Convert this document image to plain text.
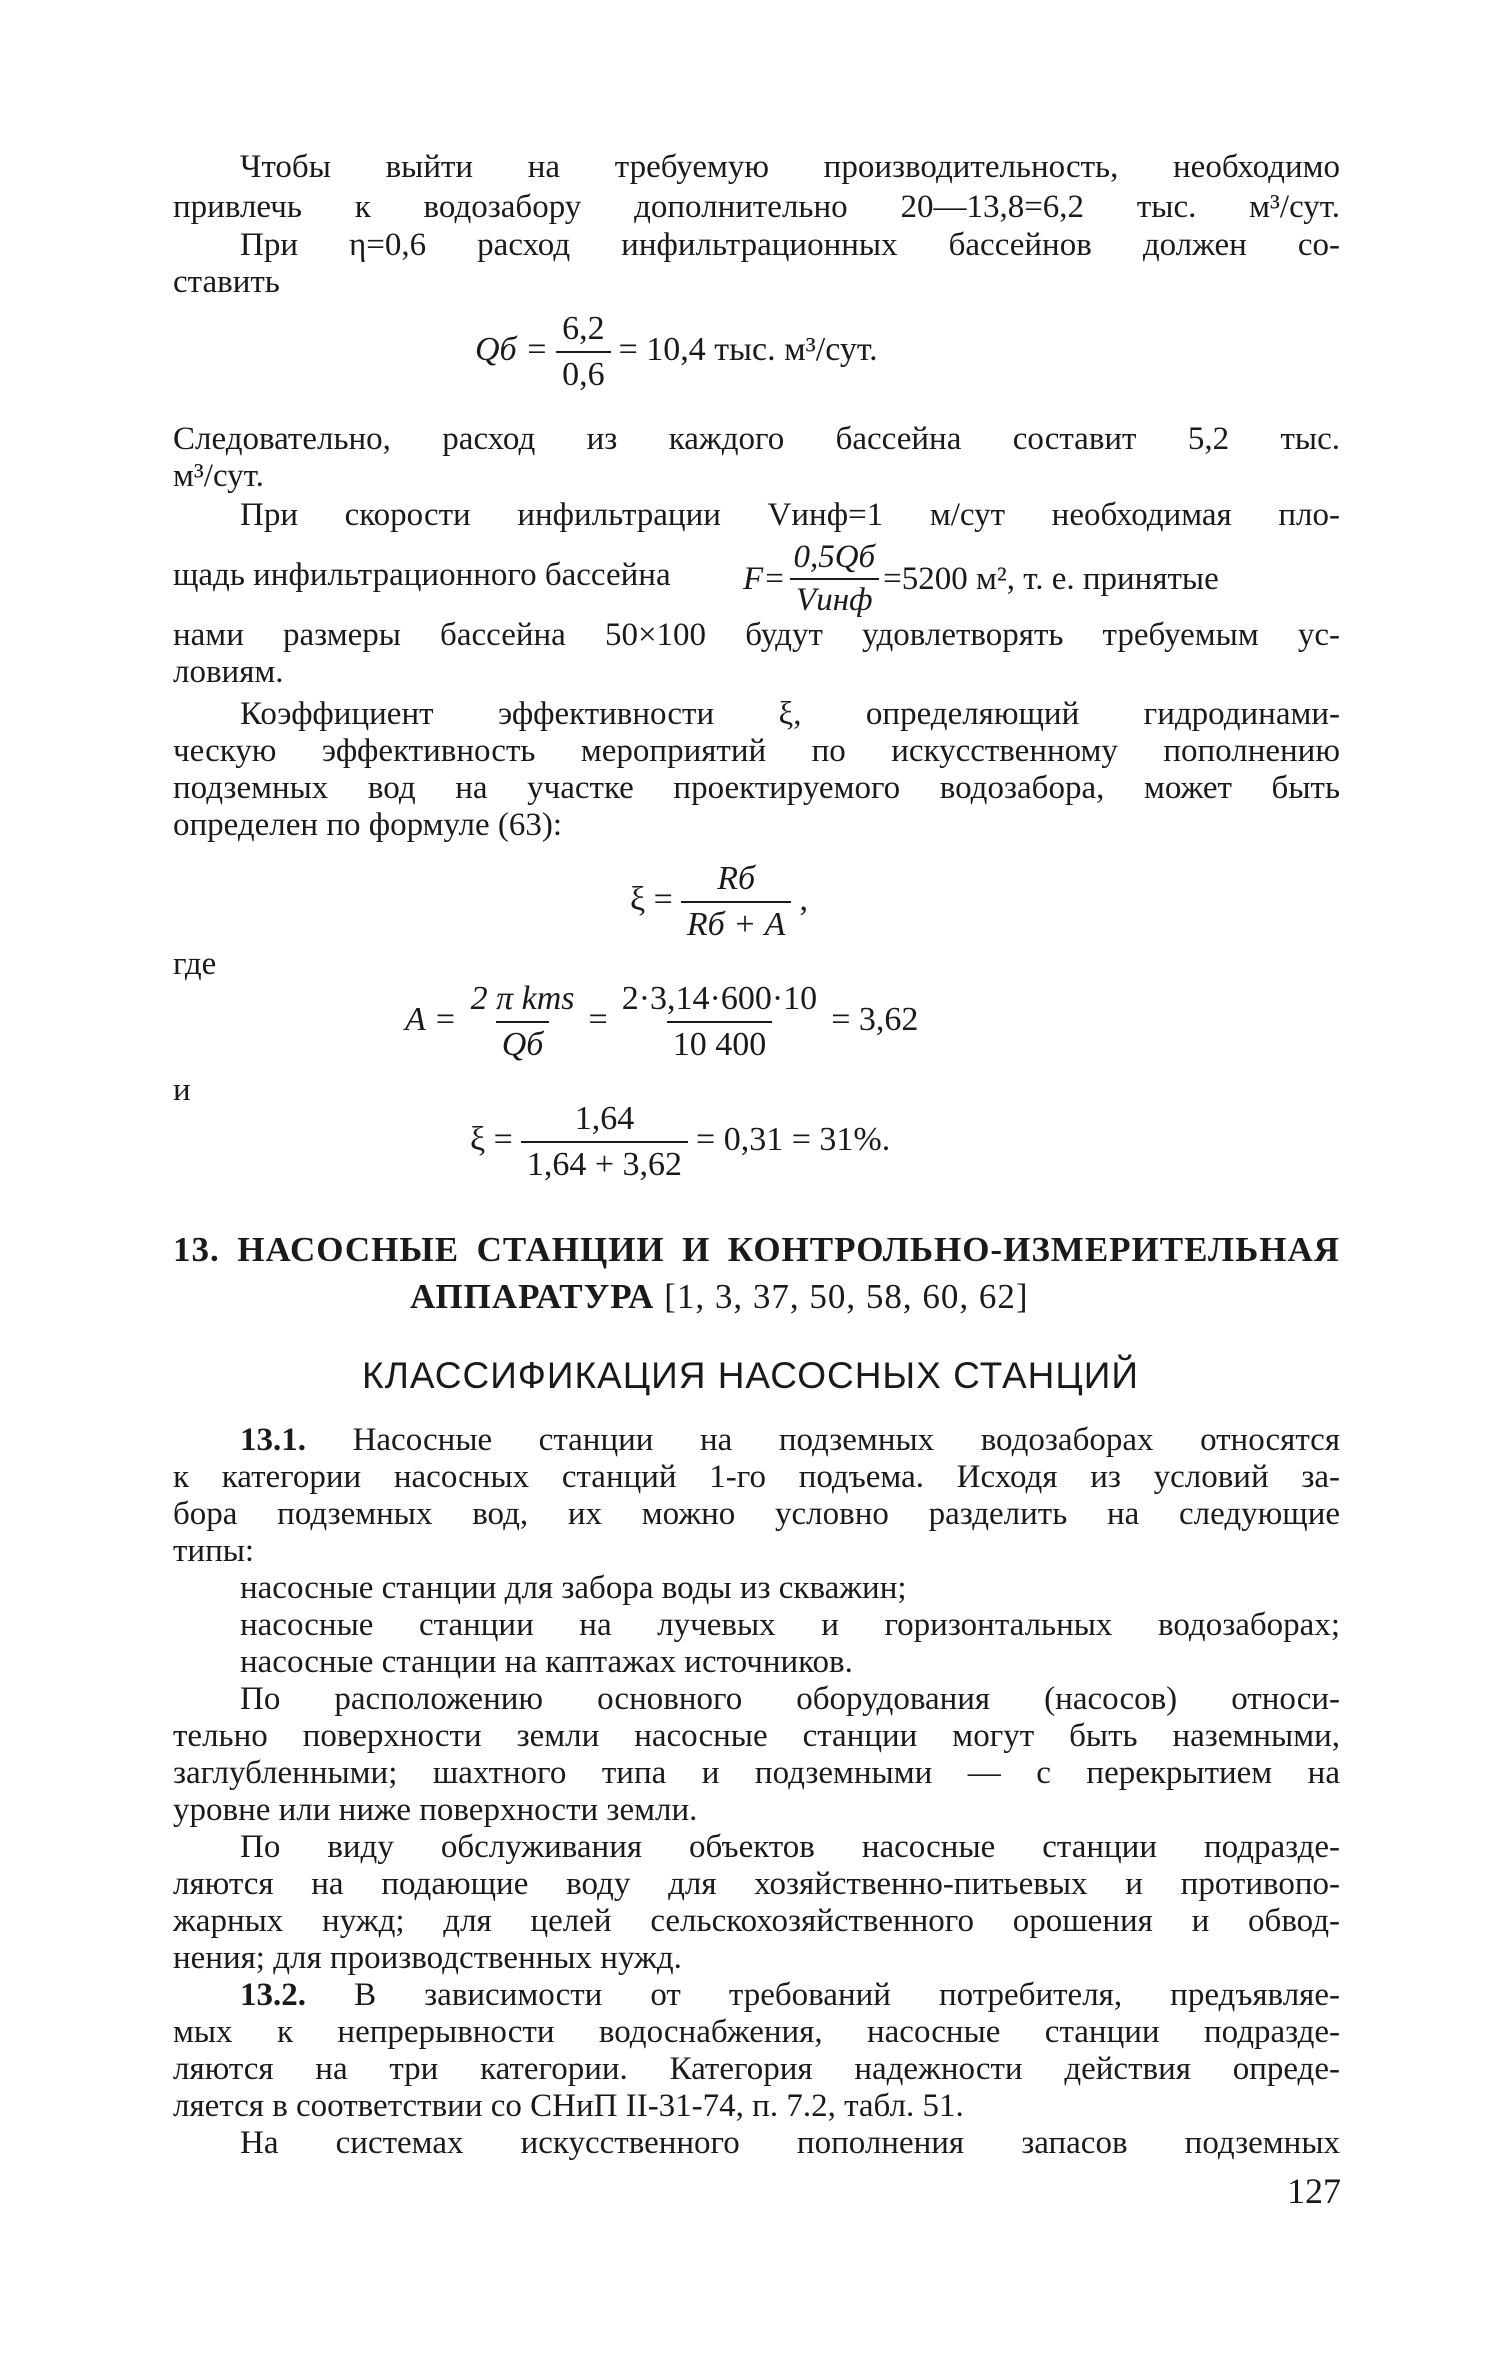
Чтобы выйти на требуемую производительность, необходимо
привлечь к водозабору дополнительно 20—13,8=6,2 тыс. м³/сут.
При η=0,6 расход инфильтрационных бассейнов должен со-
ставить
Qб = $\frac{6,2}{0,6} = 10,4$ тыс. м³/сут.
Следовательно, расход из каждого бассейна составит 5,2 тыс.
м³/сут.
При скорости инфильтрации Vинф=1 м/сут необходимая пло-
щадь инфильтрационного бассейна $F= \frac{0,5Qб}{\text{Vинф}} =5200$ м², т. е. принятые
нами размеры бассейна 50×100 будут удовлетворять требуемым ус-
ловиям.
Коэффициент эффективности ξ, определяющий гидродинами-
ческую эффективность мероприятий по искусственному пополнению
подземных вод на участке проектируемого водозабора, может быть
определен по формуле (63):
$\xi = \frac{Rб}{Rб + A}$ ,
где
$A = \frac{\text{2 π kms}}{Qб} = \frac{2\cdot 3,14\cdot 600\cdot 10}{10 400} = 3,62$
и
$\xi = \frac{1,64}{1,64 + 3,62} = 0,31 = 31\%$.
13. НАСОСНЫЕ СТАНЦИИ И КОНТРОЛЬНО-ИЗМЕРИТЕЛЬНАЯ
АППАРАТУРА [1, 3, 37, 50, 58, 60, 62]
КЛАССИФИКАЦИЯ НАСОСНЫХ СТАНЦИЙ
13.1. Насосные станции на подземных водозаборах относятся
к категории насосных станций 1-го подъема. Исходя из условий за-
бора подземных вод, их можно условно разделить на следующие
типы:
насосные станции для забора воды из скважин;
насосные станции на лучевых и горизонтальных водозаборах;
насосные станции на каптажах источников.
По расположению основного оборудования (насосов) относи-
тельно поверхности земли насосные станции могут быть наземными,
заглубленными; шахтного типа и подземными — с перекрытием на
уровне или ниже поверхности земли.
По виду обслуживания объектов насосные станции подразде-
ляются на подающие воду для хозяйственно-питьевых и противопо-
жарных нужд; для целей сельскохозяйственного орошения и обвод-
нения; для производственных нужд.
13.2. В зависимости от требований потребителя, предъявляе-
мых к непрерывности водоснабжения, насосные станции подразде-
ляются на три категории. Категория надежности действия опреде-
ляется в соответствии со СНиП II-31-74, п. 7.2, табл. 51.
На системах искусственного пополнения запасов подземных
127
